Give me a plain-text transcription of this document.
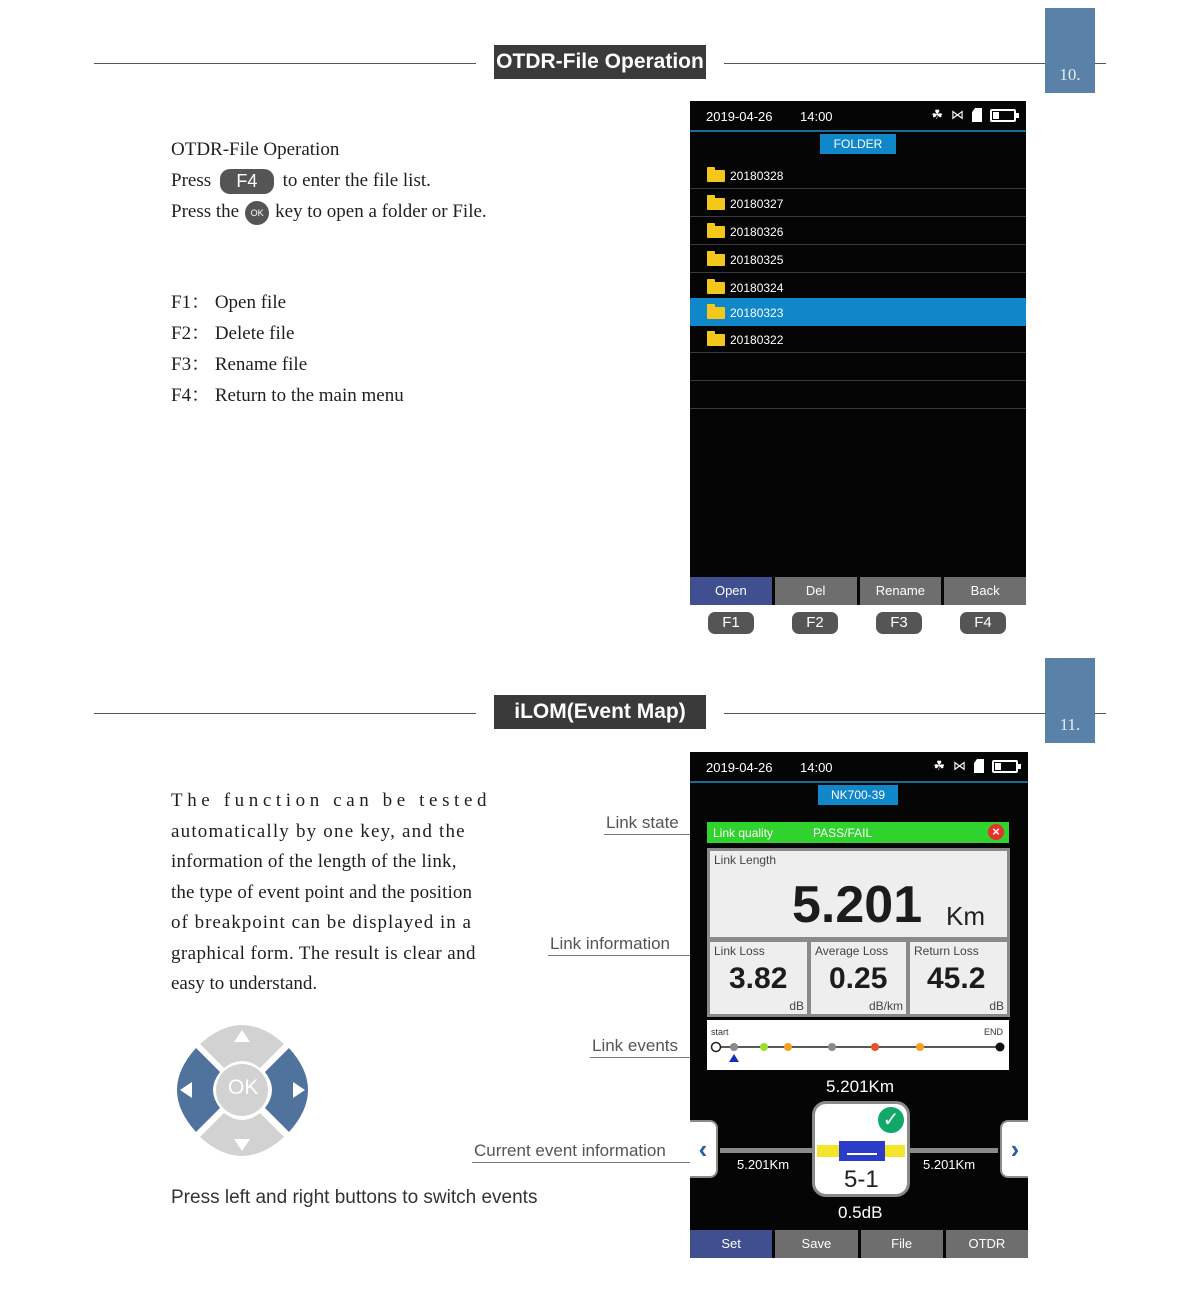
OTDR-File Operation
10.
OTDR-File Operation
Press F4 to enter the file list.
Press the OK key to open a folder or File.
F1： Open file
F2： Delete file
F3： Rename file
F4： Return to the main menu
2019-04-26 14:00	☘ ⋈
FOLDER
20180328
20180327
20180326
20180325
20180324
20180323
20180322
Open	Del	Rename	Back
F1	F2	F3	F4
iLOM(Event Map)
11.
The function can be tested
automatically by one key, and the
information of the length of the link,
the type of event point and the position
of breakpoint can be displayed in a
graphical form. The result is clear and
easy to understand.
OK
Press left and right buttons to switch events
Link state
Link information
Link events
Current event information
2019-04-26 14:00	☘ ⋈
NK700-39
Link quality	PASS/FAIL	×
Link Length
5.201 Km
Link Loss
3.82
dB
Average Loss
0.25
dB/km
Return Loss
45.2
dB
start	END
5.201Km
‹	›
5.201Km	5.201Km
5-1
✓
0.5dB
Set	Save	File	OTDR
